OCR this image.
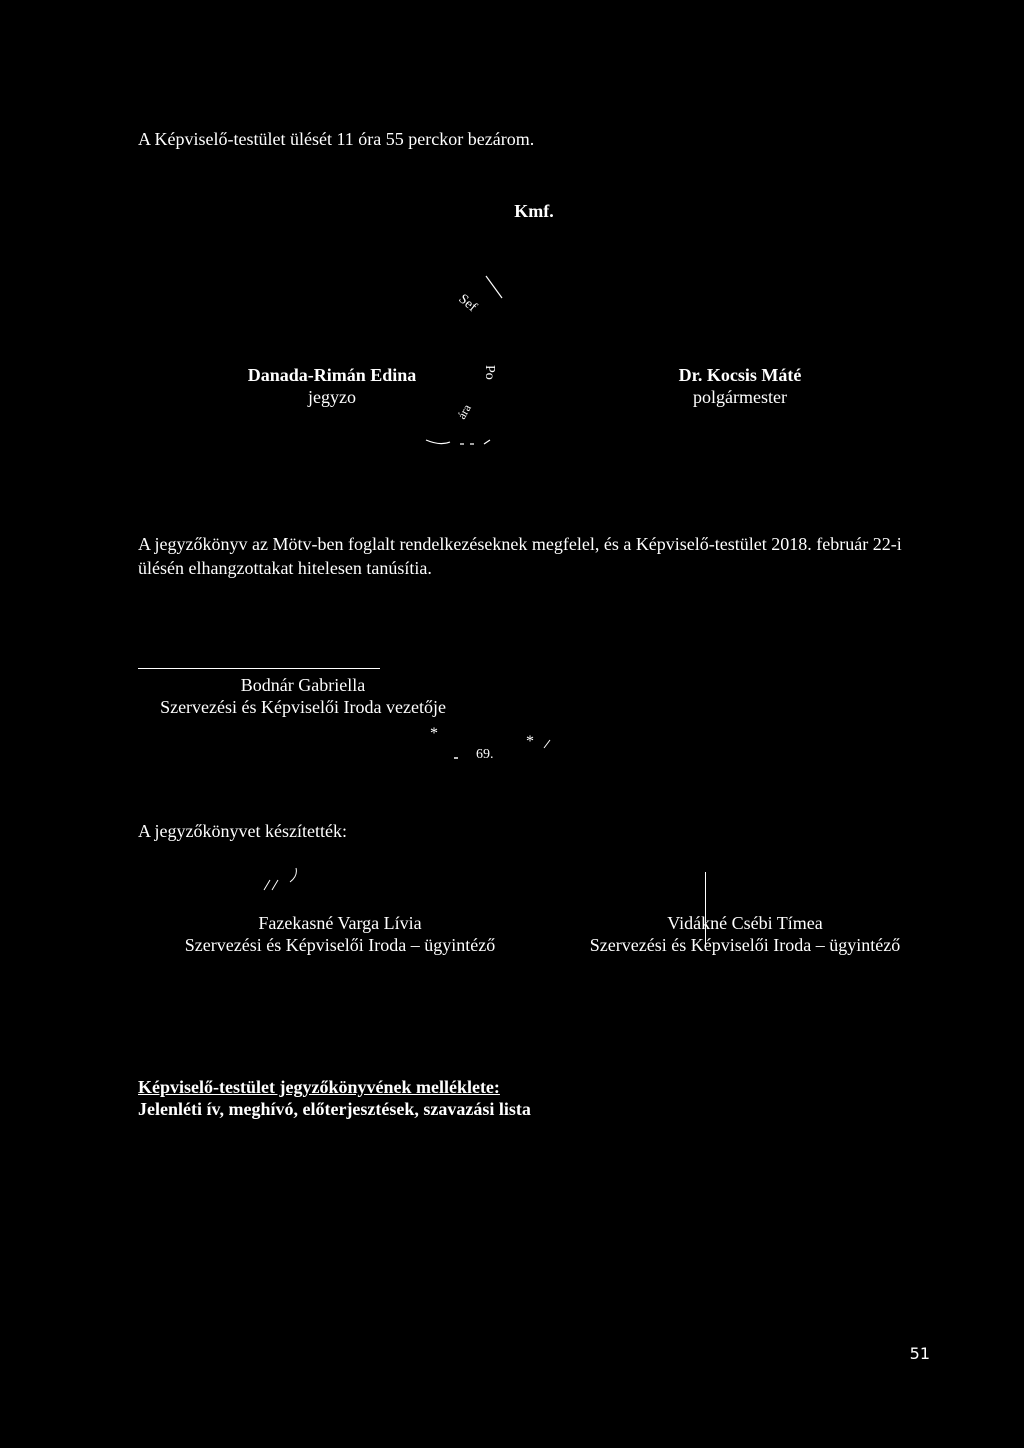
A Képviselő-testület ülését 11 óra 55 perckor bezárom.
Kmf.
Sef
Po
ára
Danada-Rimán Edina
jegyzo
Dr. Kocsis Máté
polgármester
A jegyzőkönyv az Mötv-ben foglalt rendelkezéseknek megfelel, és a Képviselő-testület 2018. február 22-i ülésén elhangzottakat hitelesen tanúsítia.
Bodnár Gabriella
Szervezési és Képviselői Iroda vezetője
*	*
69.
A jegyzőkönyvet készítették:
Fazekasné Varga Lívia
Szervezési és Képviselői Iroda – ügyintéző
Vidákné Csébi Tímea
Szervezési és Képviselői Iroda – ügyintéző
Képviselő-testület jegyzőkönyvének melléklete:
Jelenléti ív, meghívó, előterjesztések, szavazási lista
51
